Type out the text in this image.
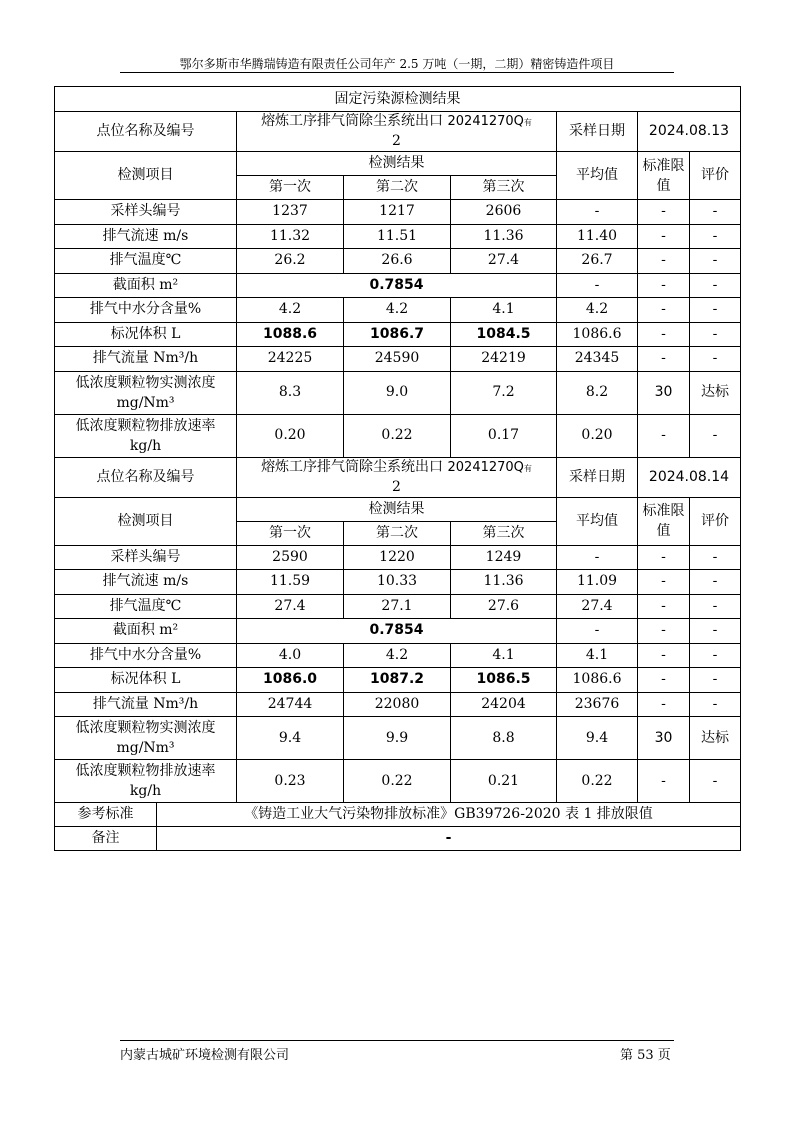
鄂尔多斯市华腾瑞铸造有限责任公司年产 2.5 万吨（一期，二期）精密铸造件项目
固定污染源检测结果							
点位名称及编号		熔炼工序排气筒除尘系统出口 20241270Q有
2			采样日期	2024.08.13	
检测项目		检测结果			平均值	标准限值	评价
		第一次	第二次	第三次			
采样头编号		1237	1217	2606	-	-	-
排气流速 m/s		11.32	11.51	11.36	11.40	-	-
排气温度℃		26.2	26.6	27.4	26.7	-	-
截面积 m²		0.7854			-	-	-
排气中水分含量%		4.2	4.2	4.1	4.2	-	-
标况体积 L		1088.6	1086.7	1084.5	1086.6	-	-
排气流量 Nm³/h		24225	24590	24219	24345	-	-
低浓度颗粒物实测浓度
mg/Nm³		8.3	9.0	7.2	8.2	30	达标
低浓度颗粒物排放速率
kg/h		0.20	0.22	0.17	0.20	-	-
点位名称及编号		熔炼工序排气筒除尘系统出口 20241270Q有
2			采样日期	2024.08.14	
检测项目		检测结果			平均值	标准限值	评价
		第一次	第二次	第三次			
采样头编号		2590	1220	1249	-	-	-
排气流速 m/s		11.59	10.33	11.36	11.09	-	-
排气温度℃		27.4	27.1	27.6	27.4	-	-
截面积 m²		0.7854			-	-	-
排气中水分含量%		4.0	4.2	4.1	4.1	-	-
标况体积 L		1086.0	1087.2	1086.5	1086.6	-	-
排气流量 Nm³/h		24744	22080	24204	23676	-	-
低浓度颗粒物实测浓度
mg/Nm³		9.4	9.9	8.8	9.4	30	达标
低浓度颗粒物排放速率
kg/h		0.23	0.22	0.21	0.22	-	-
参考标准	《铸造工业大气污染物排放标准》GB39726-2020 表 1 排放限值						
备注	-						
内蒙古城矿环境检测有限公司	第 53 页
